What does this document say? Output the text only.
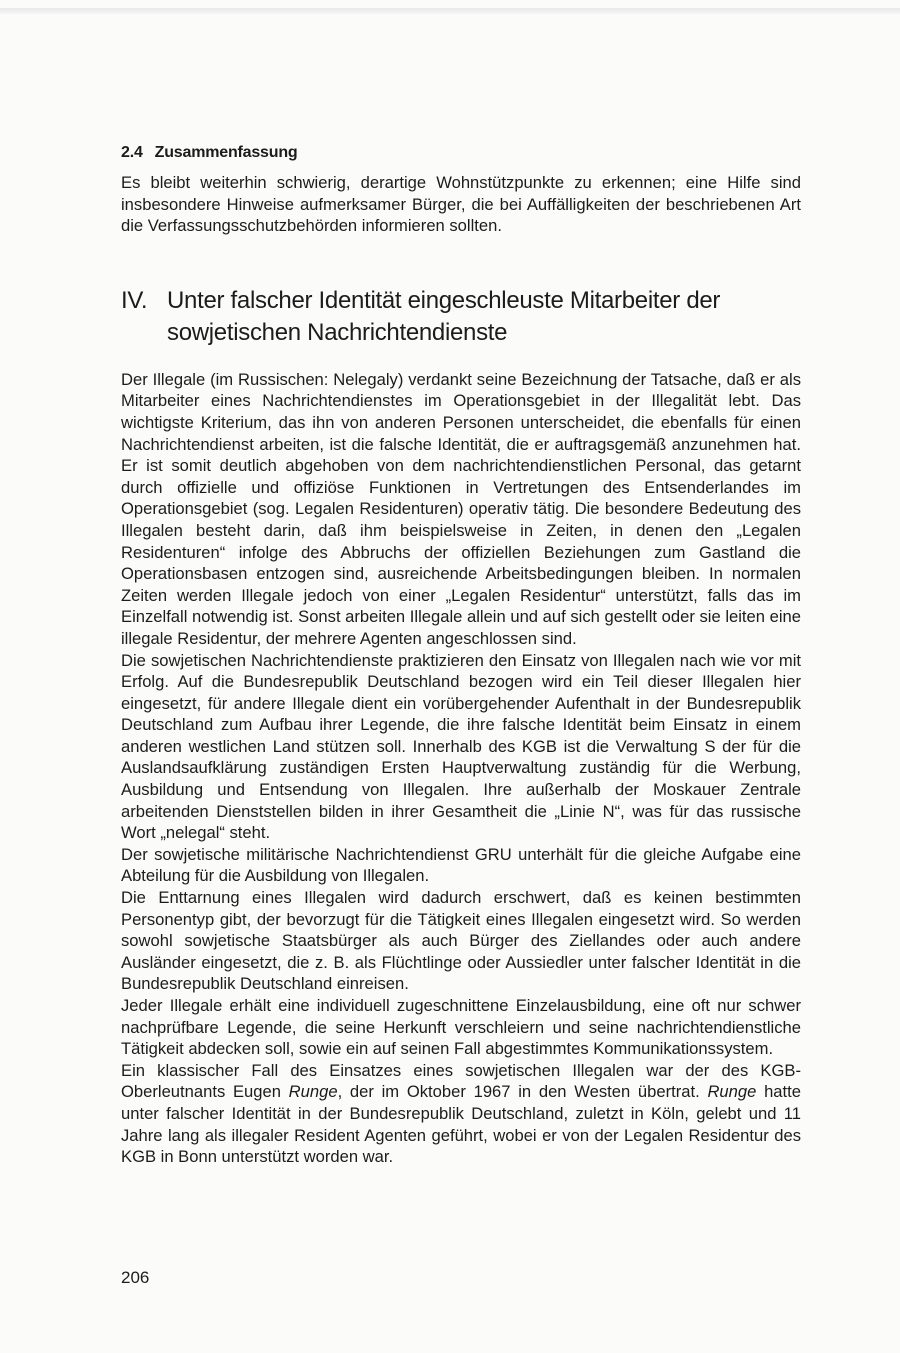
2.4 Zusammenfassung

Es bleibt weiterhin schwierig, derartige Wohnstützpunkte zu erkennen; eine Hilfe sind insbesondere Hinweise aufmerksamer Bürger, die bei Auffälligkeiten der beschriebenen Art die Verfassungsschutzbehörden informieren sollten.

IV. Unter falscher Identität eingeschleuste Mitarbeiter der sowjetischen Nachrichtendienste

Der Illegale (im Russischen: Nelegaly) verdankt seine Bezeichnung der Tatsache, daß er als Mitarbeiter eines Nachrichtendienstes im Operationsgebiet in der Illegalität lebt. Das wichtigste Kriterium, das ihn von anderen Personen unterscheidet, die ebenfalls für einen Nachrichtendienst arbeiten, ist die falsche Identität, die er auftragsgemäß anzunehmen hat. Er ist somit deutlich abgehoben von dem nachrichtendienstlichen Personal, das getarnt durch offizielle und offiziöse Funktionen in Vertretungen des Entsenderlandes im Operationsgebiet (sog. Legalen Residenturen) operativ tätig. Die besondere Bedeutung des Illegalen besteht darin, daß ihm beispielsweise in Zeiten, in denen den „Legalen Residenturen“ infolge des Abbruchs der offiziellen Beziehungen zum Gastland die Operationsbasen entzogen sind, ausreichende Arbeitsbedingungen bleiben. In normalen Zeiten werden Illegale jedoch von einer „Legalen Residentur“ unterstützt, falls das im Einzelfall notwendig ist. Sonst arbeiten Illegale allein und auf sich gestellt oder sie leiten eine illegale Residentur, der mehrere Agenten angeschlossen sind.

Die sowjetischen Nachrichtendienste praktizieren den Einsatz von Illegalen nach wie vor mit Erfolg. Auf die Bundesrepublik Deutschland bezogen wird ein Teil dieser Illegalen hier eingesetzt, für andere Illegale dient ein vorübergehender Aufenthalt in der Bundesrepublik Deutschland zum Aufbau ihrer Legende, die ihre falsche Identität beim Einsatz in einem anderen westlichen Land stützen soll. Innerhalb des KGB ist die Verwaltung S der für die Auslandsaufklärung zuständigen Ersten Hauptverwaltung zuständig für die Werbung, Ausbildung und Entsendung von Illegalen. Ihre außerhalb der Moskauer Zentrale arbeitenden Dienststellen bilden in ihrer Gesamtheit die „Linie N“, was für das russische Wort „nelegal“ steht.

Der sowjetische militärische Nachrichtendienst GRU unterhält für die gleiche Aufgabe eine Abteilung für die Ausbildung von Illegalen.

Die Enttarnung eines Illegalen wird dadurch erschwert, daß es keinen bestimmten Personentyp gibt, der bevorzugt für die Tätigkeit eines Illegalen eingesetzt wird. So werden sowohl sowjetische Staatsbürger als auch Bürger des Ziellandes oder auch andere Ausländer eingesetzt, die z. B. als Flüchtlinge oder Aussiedler unter falscher Identität in die Bundesrepublik Deutschland einreisen.

Jeder Illegale erhält eine individuell zugeschnittene Einzelausbildung, eine oft nur schwer nachprüfbare Legende, die seine Herkunft verschleiern und seine nachrichtendienstliche Tätigkeit abdecken soll, sowie ein auf seinen Fall abgestimmtes Kommunikationssystem.

Ein klassischer Fall des Einsatzes eines sowjetischen Illegalen war der des KGB-Oberleutnants Eugen Runge, der im Oktober 1967 in den Westen übertrat. Runge hatte unter falscher Identität in der Bundesrepublik Deutschland, zuletzt in Köln, gelebt und 11 Jahre lang als illegaler Resident Agenten geführt, wobei er von der Legalen Residentur des KGB in Bonn unterstützt worden war.

206
